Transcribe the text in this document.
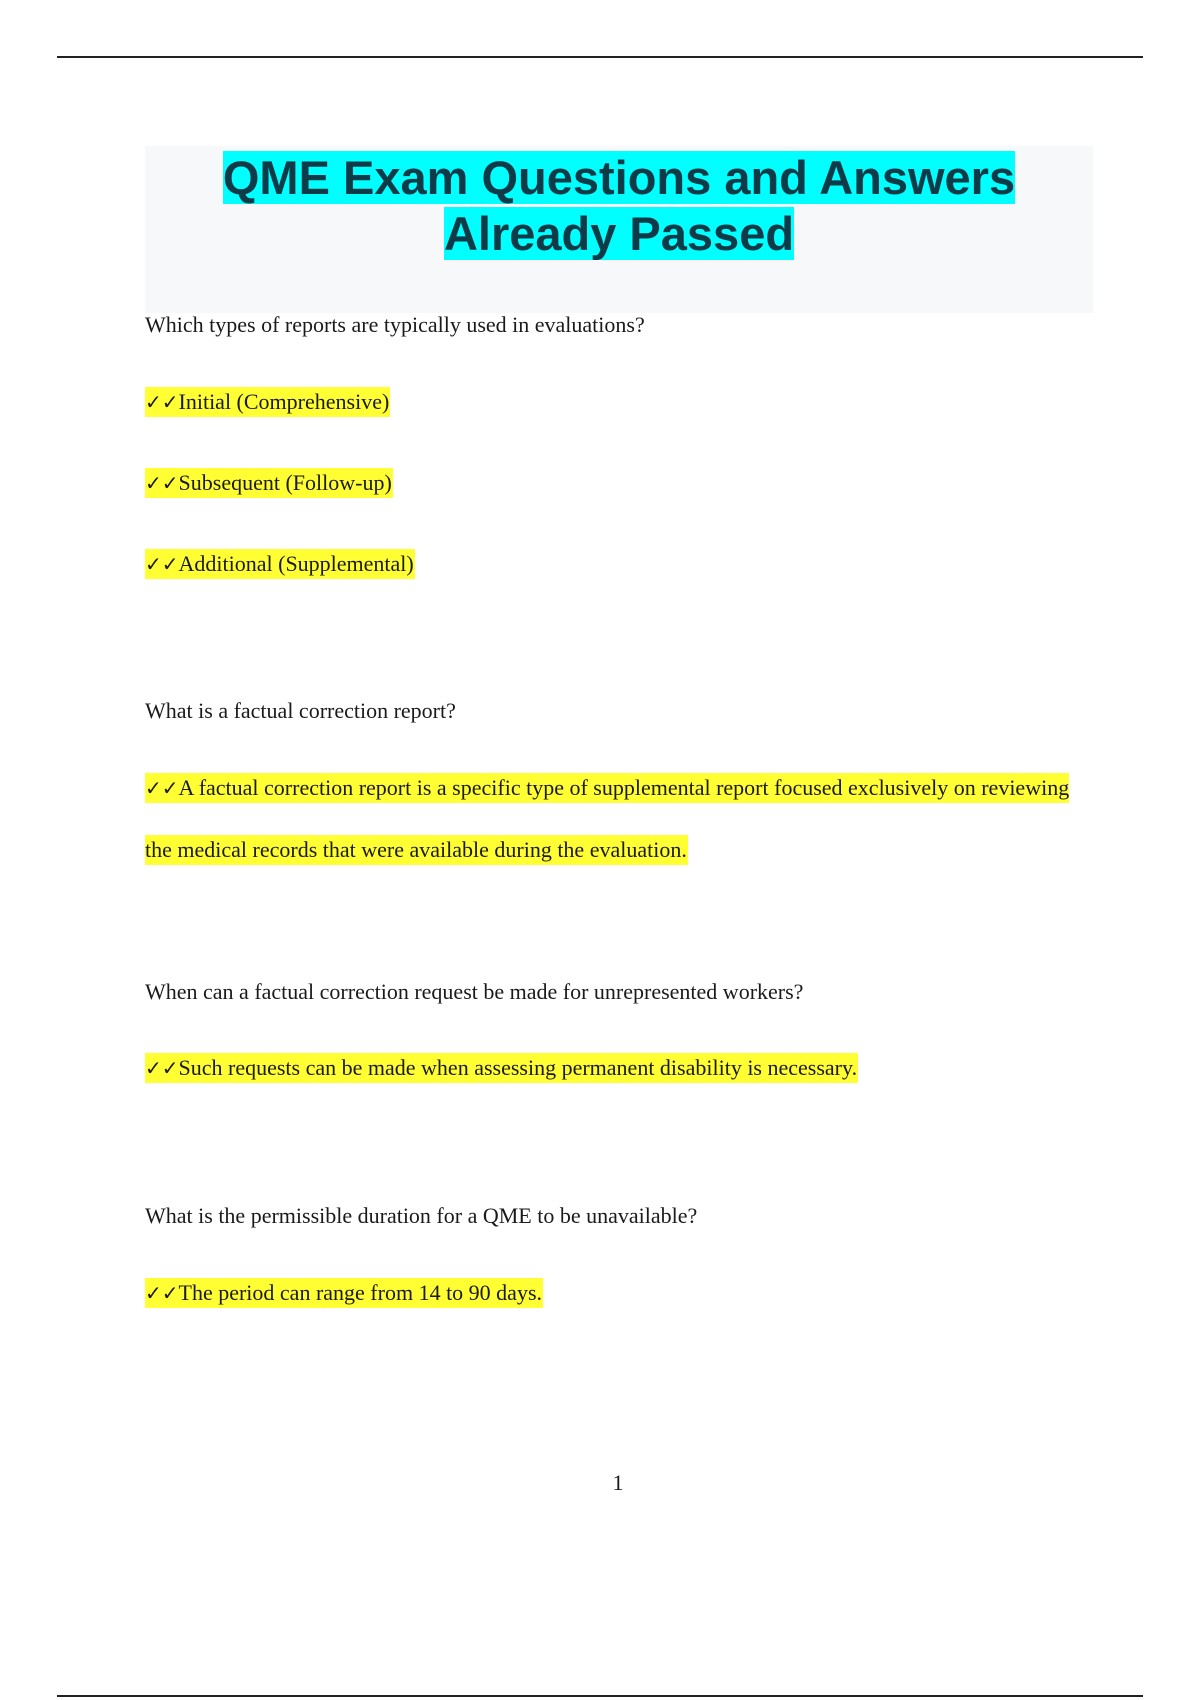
QME Exam Questions and Answers
Already Passed
Which types of reports are typically used in evaluations?
✓✓Initial (Comprehensive)
✓✓Subsequent (Follow-up)
✓✓Additional (Supplemental)
What is a factual correction report?
✓✓A factual correction report is a specific type of supplemental report focused exclusively on reviewing the medical records that were available during the evaluation.
When can a factual correction request be made for unrepresented workers?
✓✓Such requests can be made when assessing permanent disability is necessary.
What is the permissible duration for a QME to be unavailable?
✓✓The period can range from 14 to 90 days.
1
